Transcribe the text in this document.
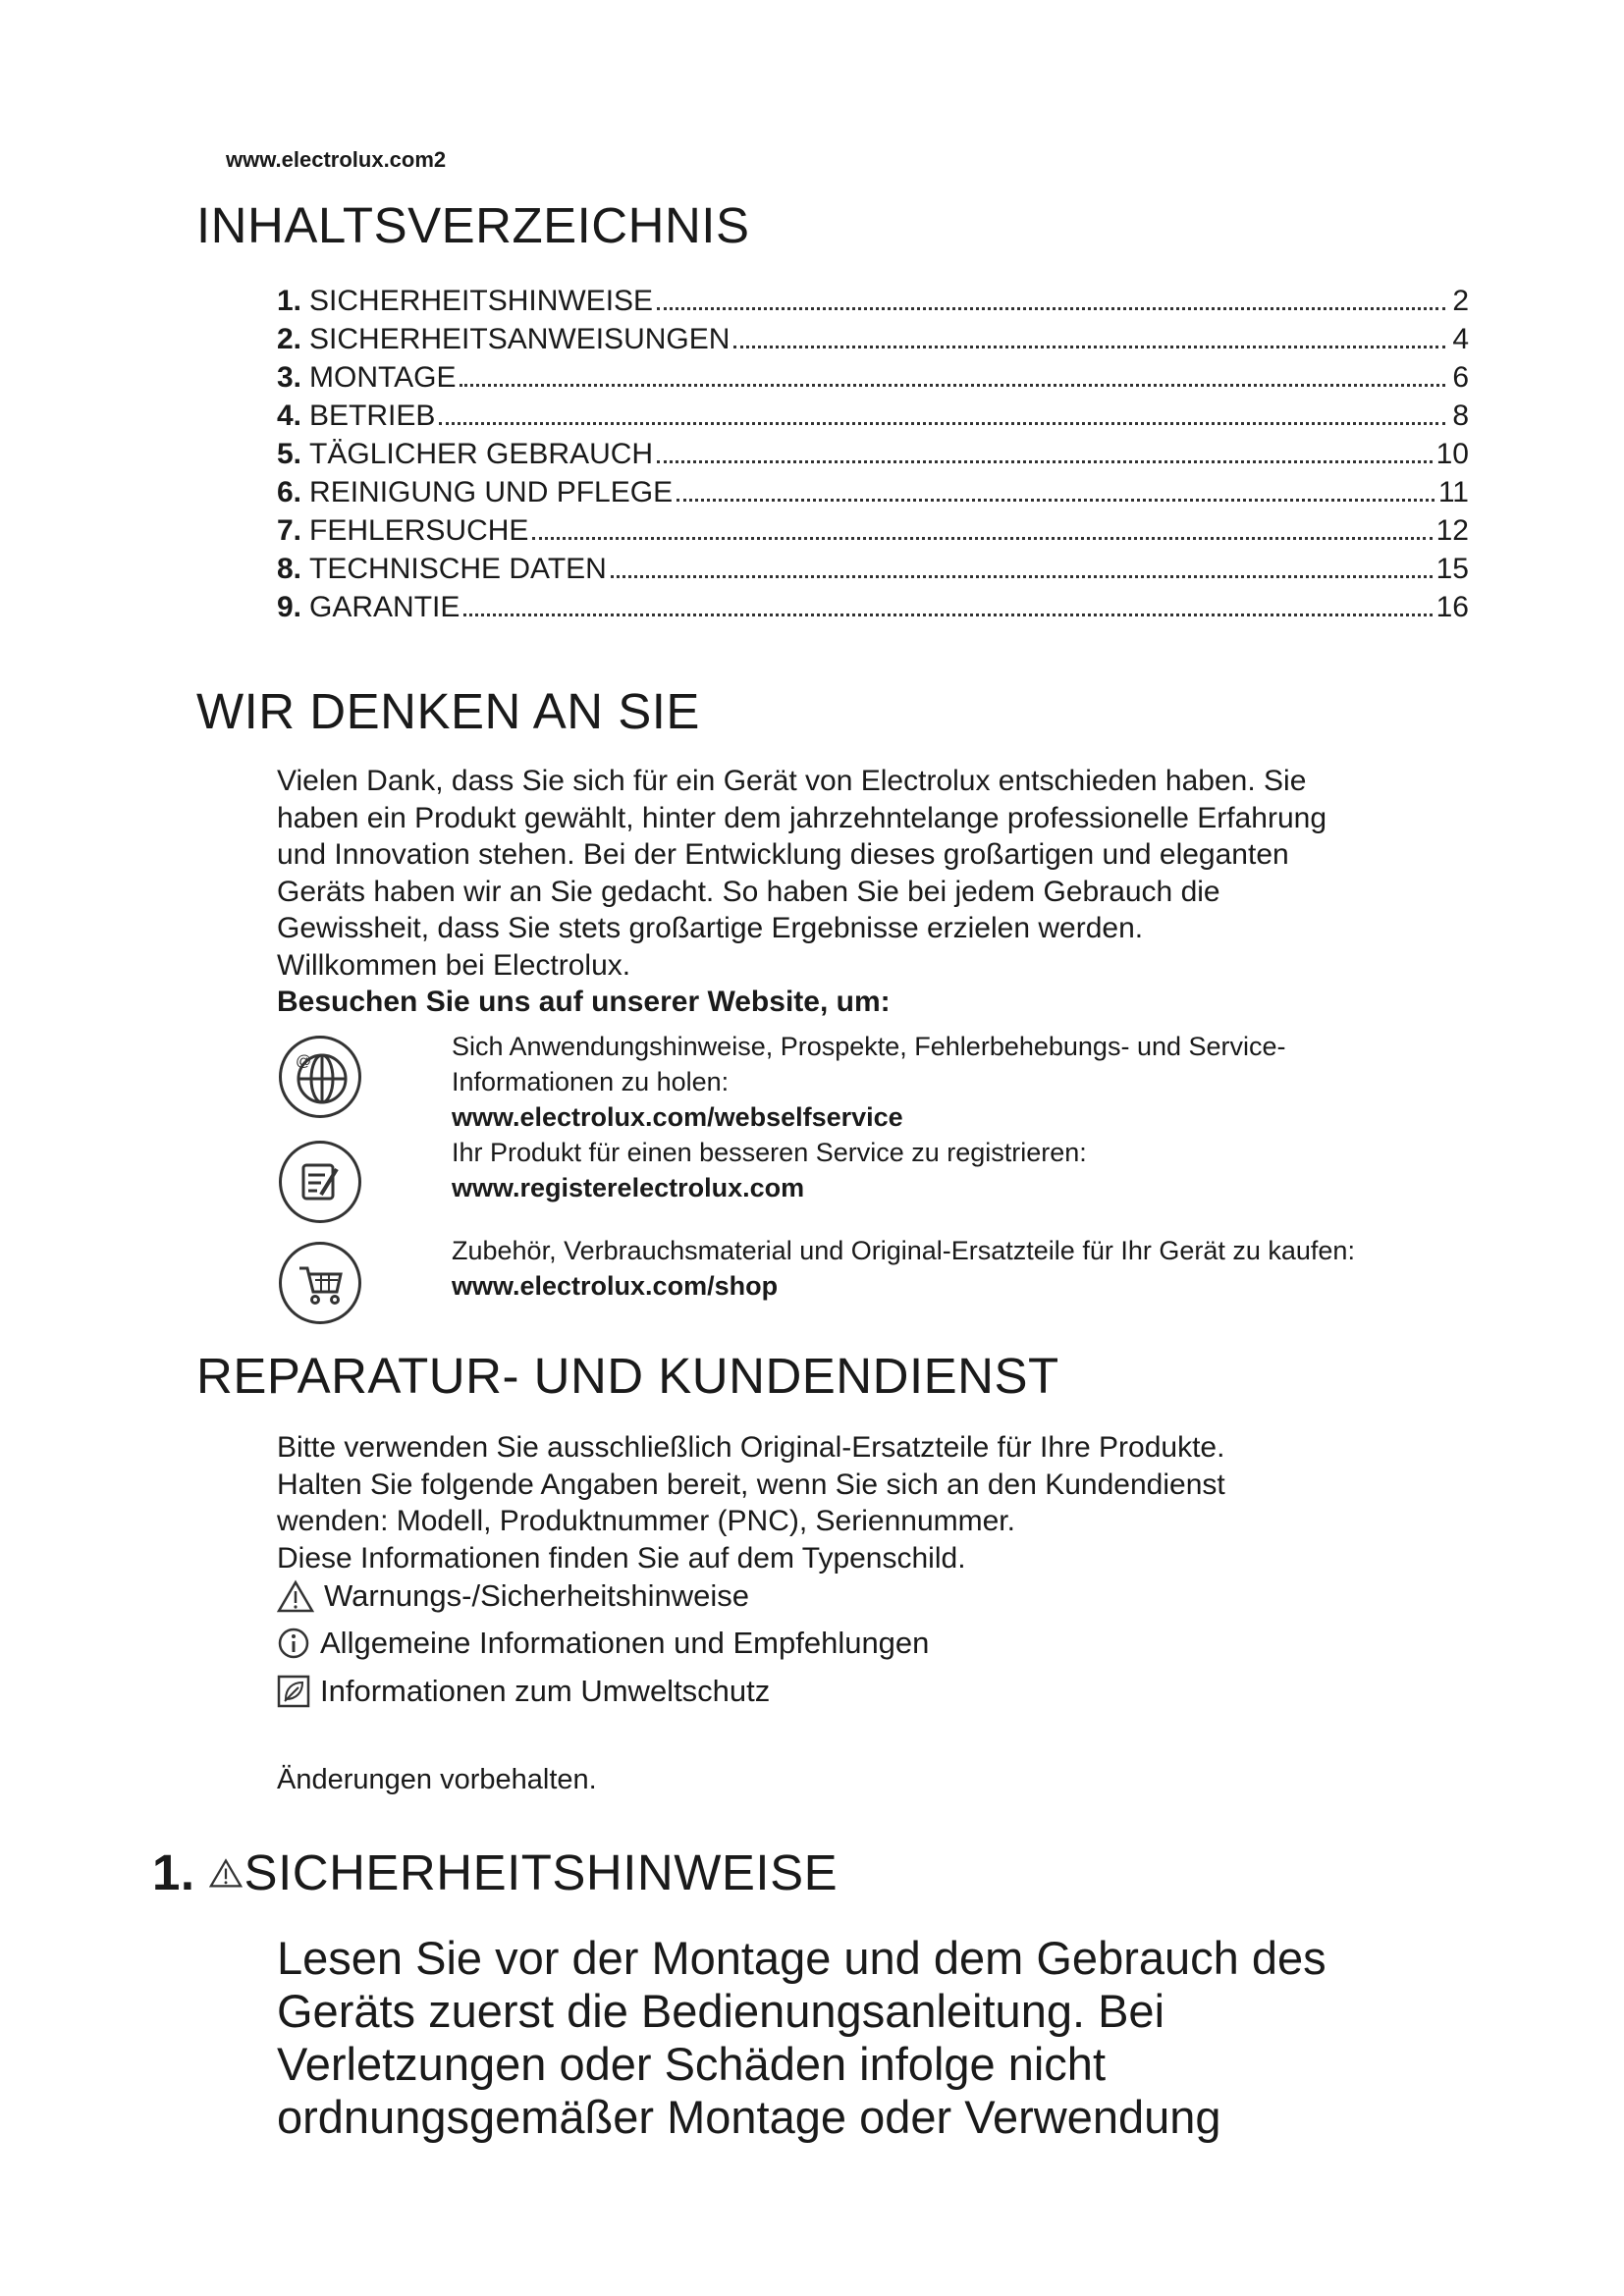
www.electrolux.com2
INHALTSVERZEICHNIS
1. SICHERHEITSHINWEISE	2
2. SICHERHEITSANWEISUNGEN	4
3. MONTAGE	6
4. BETRIEB	8
5. TÄGLICHER GEBRAUCH	10
6. REINIGUNG UND PFLEGE	11
7. FEHLERSUCHE	12
8. TECHNISCHE DATEN	15
9. GARANTIE	16
WIR DENKEN AN SIE
Vielen Dank, dass Sie sich für ein Gerät von Electrolux entschieden haben. Sie
haben ein Produkt gewählt, hinter dem jahrzehntelange professionelle Erfahrung
und Innovation stehen. Bei der Entwicklung dieses großartigen und eleganten
Geräts haben wir an Sie gedacht. So haben Sie bei jedem Gebrauch die
Gewissheit, dass Sie stets großartige Ergebnisse erzielen werden.
Willkommen bei Electrolux.
Besuchen Sie uns auf unserer Website, um:
@
Sich Anwendungshinweise, Prospekte, Fehlerbehebungs- und Service-
Informationen zu holen:
www.electrolux.com/webselfservice
Ihr Produkt für einen besseren Service zu registrieren:
www.registerelectrolux.com
Zubehör, Verbrauchsmaterial und Original-Ersatzteile für Ihr Gerät zu kaufen:
www.electrolux.com/shop
REPARATUR- UND KUNDENDIENST
Bitte verwenden Sie ausschließlich Original-Ersatzteile für Ihre Produkte.
Halten Sie folgende Angaben bereit, wenn Sie sich an den Kundendienst
wenden: Modell, Produktnummer (PNC), Seriennummer.
Diese Informationen finden Sie auf dem Typenschild.
Warnungs-/Sicherheitshinweise
Allgemeine Informationen und Empfehlungen
Informationen zum Umweltschutz
Änderungen vorbehalten.
1. SICHERHEITSHINWEISE
Lesen Sie vor der Montage und dem Gebrauch des
Geräts zuerst die Bedienungsanleitung. Bei
Verletzungen oder Schäden infolge nicht
ordnungsgemäßer Montage oder Verwendung
